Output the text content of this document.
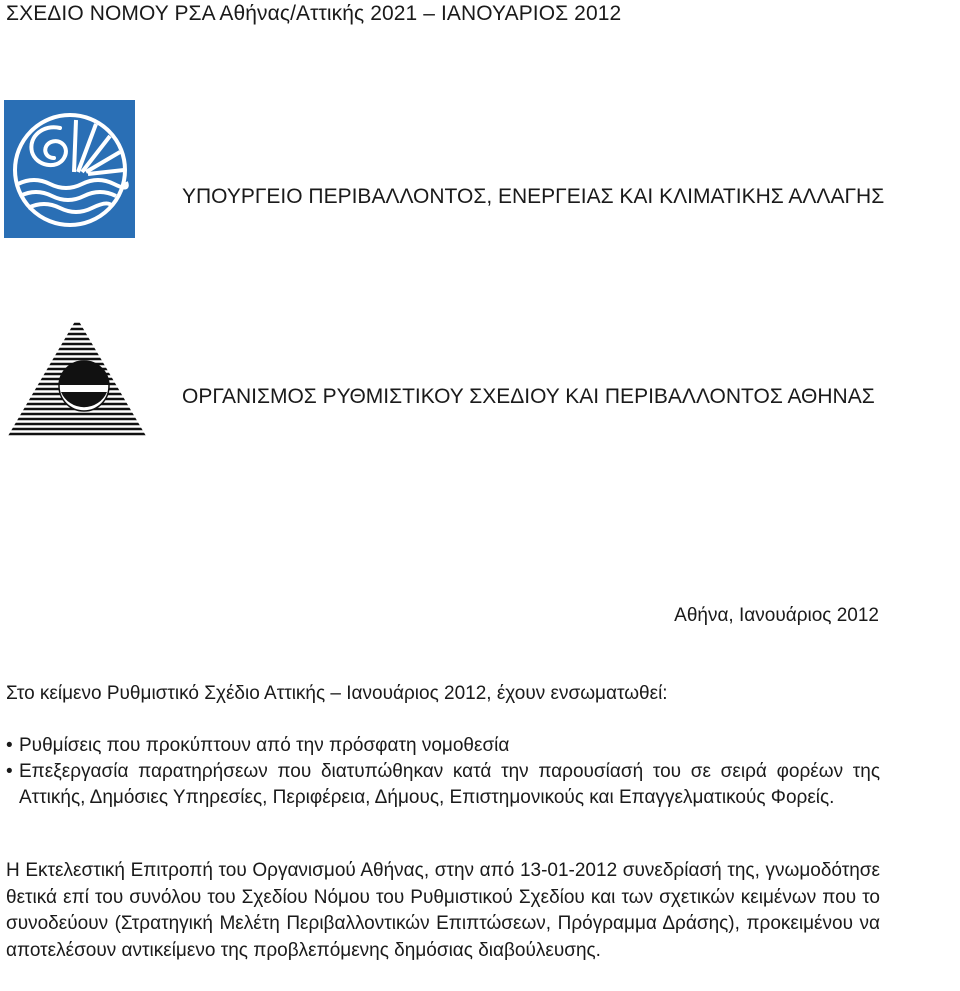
ΣΧΕΔΙΟ ΝΟΜΟΥ ΡΣΑ Αθήνας/Αττικής 2021 – ΙΑΝΟΥΑΡΙΟΣ 2012
ΥΠΟΥΡΓΕΙΟ ΠΕΡΙΒΑΛΛΟΝΤΟΣ, ΕΝΕΡΓΕΙΑΣ ΚΑΙ ΚΛΙΜΑΤΙΚΗΣ ΑΛΛΑΓΗΣ
ΟΡΓΑΝΙΣΜΟΣ ΡΥΘΜΙΣΤΙΚΟΥ ΣΧΕΔΙΟΥ ΚΑΙ ΠΕΡΙΒΑΛΛΟΝΤΟΣ ΑΘΗΝΑΣ
Αθήνα, Ιανουάριος 2012
Στο κείμενο Ρυθμιστικό Σχέδιο Αττικής – Ιανουάριος 2012, έχουν ενσωματωθεί:
• Ρυθμίσεις που προκύπτουν από την πρόσφατη νομοθεσία
• Επεξεργασία παρατηρήσεων που διατυπώθηκαν κατά την παρουσίασή του σε σειρά φορέων της Αττικής, Δημόσιες Υπηρεσίες, Περιφέρεια, Δήμους, Επιστημονικούς και Επαγγελματικούς Φορείς.
Η Εκτελεστική Επιτροπή του Οργανισμού Αθήνας, στην από 13-01-2012 συνεδρίασή της, γνωμοδότησε θετικά επί του συνόλου του Σχεδίου Νόμου του Ρυθμιστικού Σχεδίου και των σχετικών κειμένων που το συνοδεύουν (Στρατηγική Μελέτη Περιβαλλοντικών Επιπτώσεων, Πρόγραμμα Δράσης), προκειμένου να αποτελέσουν αντικείμενο της προβλεπόμενης δημόσιας διαβούλευσης.
